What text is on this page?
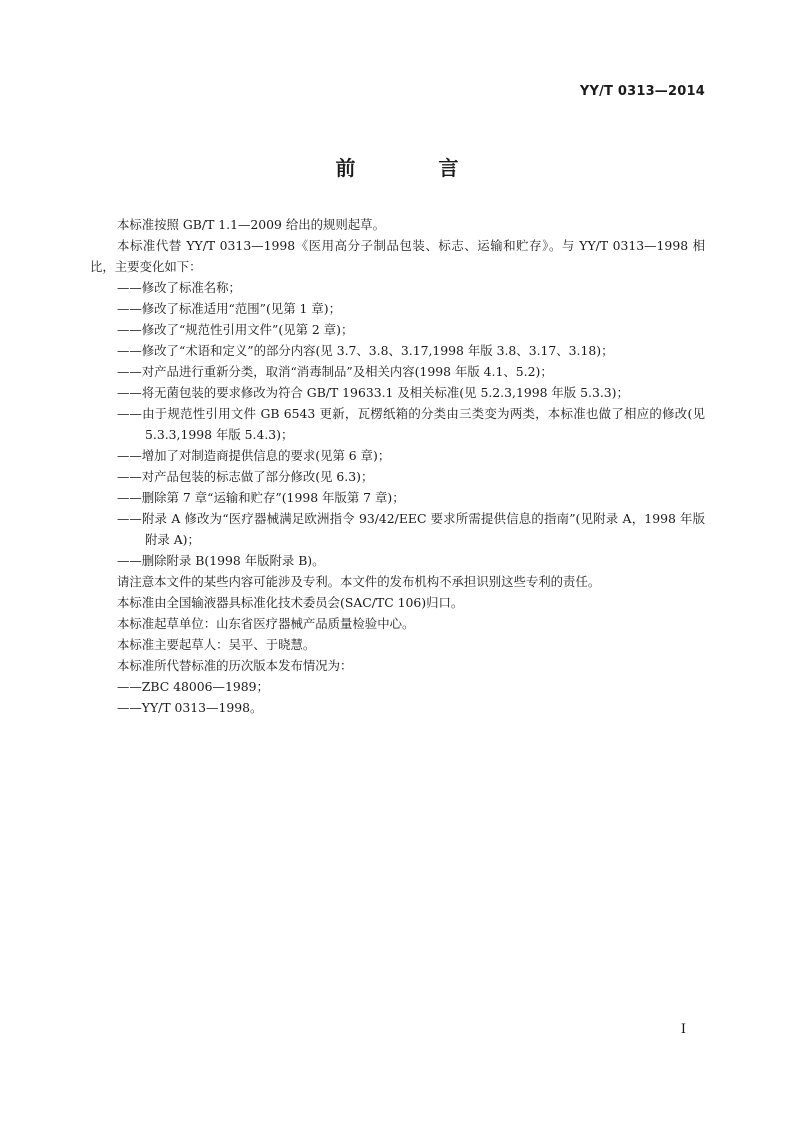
YY/T 0313—2014
前 言

本标准按照 GB/T 1.1—2009 给出的规则起草。

本标准代替 YY/T 0313—1998《医用高分子制品包装、标志、运输和贮存》。与 YY/T 0313—1998 相比，主要变化如下：

——修改了标准名称；

——修改了标准适用“范围”(见第 1 章)；

——修改了“规范性引用文件”(见第 2 章)；

——修改了“术语和定义”的部分内容(见 3.7、3.8、3.17,1998 年版 3.8、3.17、3.18)；

——对产品进行重新分类，取消“消毒制品”及相关内容(1998 年版 4.1、5.2)；

——将无菌包装的要求修改为符合 GB/T 19633.1 及相关标准(见 5.2.3,1998 年版 5.3.3)；

——由于规范性引用文件 GB 6543 更新，瓦楞纸箱的分类由三类变为两类，本标准也做了相应的修改(见 5.3.3,1998 年版 5.4.3)；

——增加了对制造商提供信息的要求(见第 6 章)；

——对产品包装的标志做了部分修改(见 6.3)；

——删除第 7 章“运输和贮存”(1998 年版第 7 章)；

——附录 A 修改为“医疗器械满足欧洲指令 93/42/EEC 要求所需提供信息的指南”(见附录 A，1998 年版附录 A)；

——删除附录 B(1998 年版附录 B)。

请注意本文件的某些内容可能涉及专利。本文件的发布机构不承担识别这些专利的责任。

本标准由全国输液器具标准化技术委员会(SAC/TC 106)归口。

本标准起草单位：山东省医疗器械产品质量检验中心。

本标准主要起草人：吴平、于晓慧。

本标准所代替标准的历次版本发布情况为：

——ZBC 48006—1989；

——YY/T 0313—1998。

I
